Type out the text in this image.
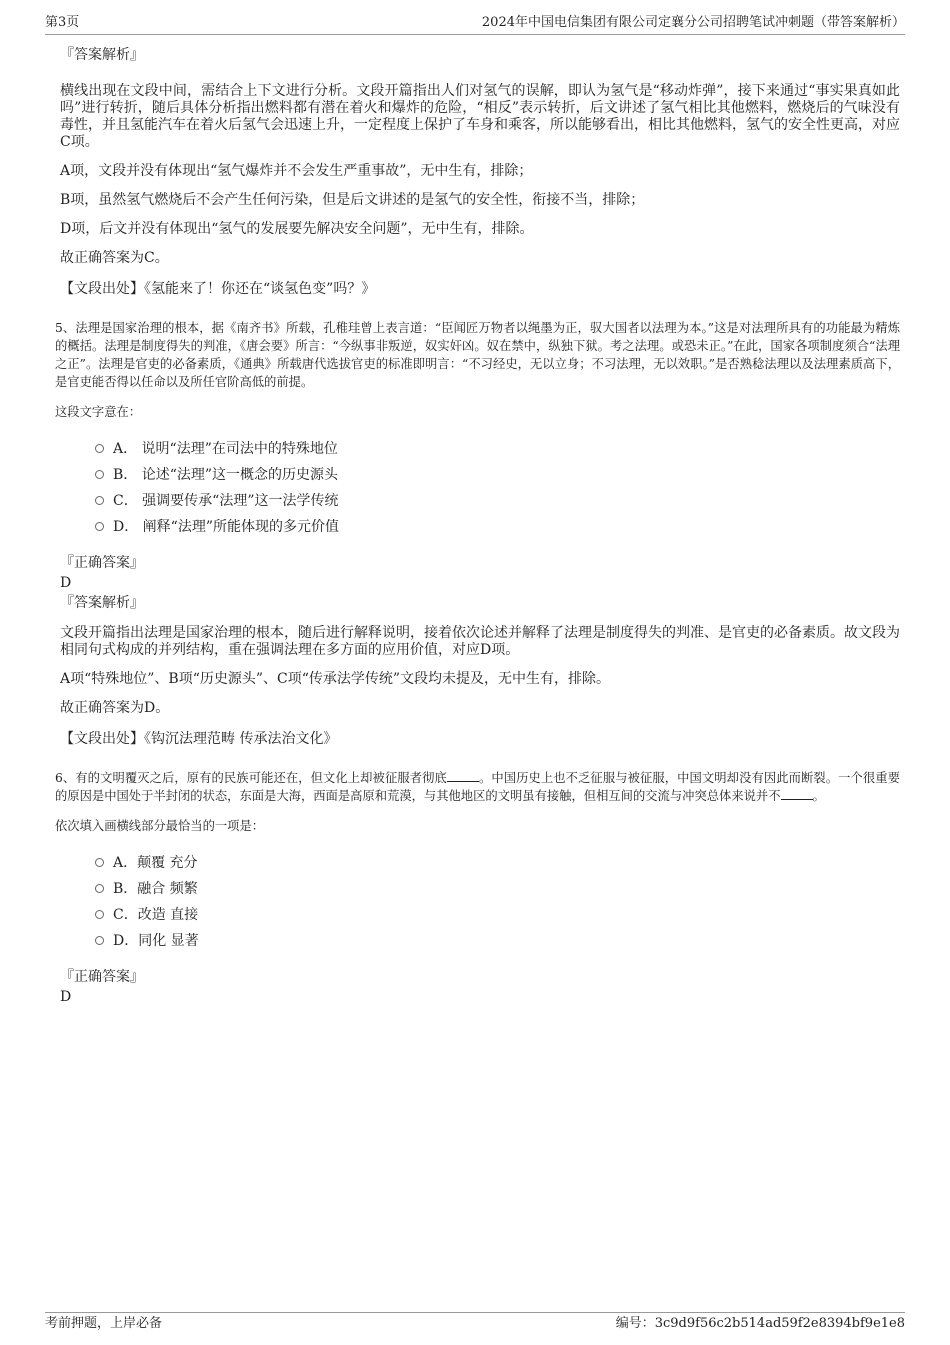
第3页	2024年中国电信集团有限公司定襄分公司招聘笔试冲刺题（带答案解析）
『答案解析』

横线出现在文段中间，需结合上下文进行分析。文段开篇指出人们对氢气的误解，即认为氢气是“移动炸弹”，接下来通过“事实果真如此吗”进行转折，随后具体分析指出燃料都有潜在着火和爆炸的危险，“相反”表示转折，后文讲述了氢气相比其他燃料，燃烧后的气味没有毒性，并且氢能汽车在着火后氢气会迅速上升，一定程度上保护了车身和乘客，所以能够看出，相比其他燃料，氢气的安全性更高，对应C项。

A项，文段并没有体现出“氢气爆炸并不会发生严重事故”，无中生有，排除；

B项，虽然氢气燃烧后不会产生任何污染，但是后文讲述的是氢气的安全性，衔接不当，排除；

D项，后文并没有体现出“氢气的发展要先解决安全问题”，无中生有，排除。

故正确答案为C。

【文段出处】《氢能来了！你还在“谈氢色变”吗？》

5、法理是国家治理的根本，据《南齐书》所载，孔稚珪曾上表言道：“臣闻匠万物者以绳墨为正，驭大国者以法理为本。”这是对法理所具有的功能最为精炼的概括。法理是制度得失的判准，《唐会要》所言：“今纵事非叛逆，奴实奸凶。奴在禁中，纵独下狱。考之法理。或恐未正。”在此，国家各项制度须合“法理之正”。法理是官吏的必备素质，《通典》所载唐代选拔官吏的标准即明言：“不习经史，无以立身；不习法理，无以效职。”是否熟稔法理以及法理素质高下，是官吏能否得以任命以及所任官阶高低的前提。

这段文字意在：

A． 说明“法理”在司法中的特殊地位
B． 论述“法理”这一概念的历史源头
C． 强调要传承“法理”这一法学传统
D． 阐释“法理”所能体现的多元价值
『正确答案』
D
『答案解析』

文段开篇指出法理是国家治理的根本，随后进行解释说明，接着依次论述并解释了法理是制度得失的判准、是官吏的必备素质。故文段为相同句式构成的并列结构，重在强调法理在多方面的应用价值，对应D项。

A项“特殊地位”、B项“历史源头”、C项“传承法学传统”文段均未提及，无中生有，排除。

故正确答案为D。

【文段出处】《钩沉法理范畴 传承法治文化》

6、有的文明覆灭之后，原有的民族可能还在，但文化上却被征服者彻底	。中国历史上也不乏征服与被征服，中国文明却没有因此而断裂。一个很重要的原因是中国处于半封闭的状态，东面是大海，西面是高原和荒漠，与其他地区的文明虽有接触，但相互间的交流与冲突总体来说并不	。

依次填入画横线部分最恰当的一项是：

A．颠覆 充分
B．融合 频繁
C．改造 直接
D．同化 显著
『正确答案』
D
考前押题，上岸必备	编号：3c9d9f56c2b514ad59f2e8394bf9e1e8
